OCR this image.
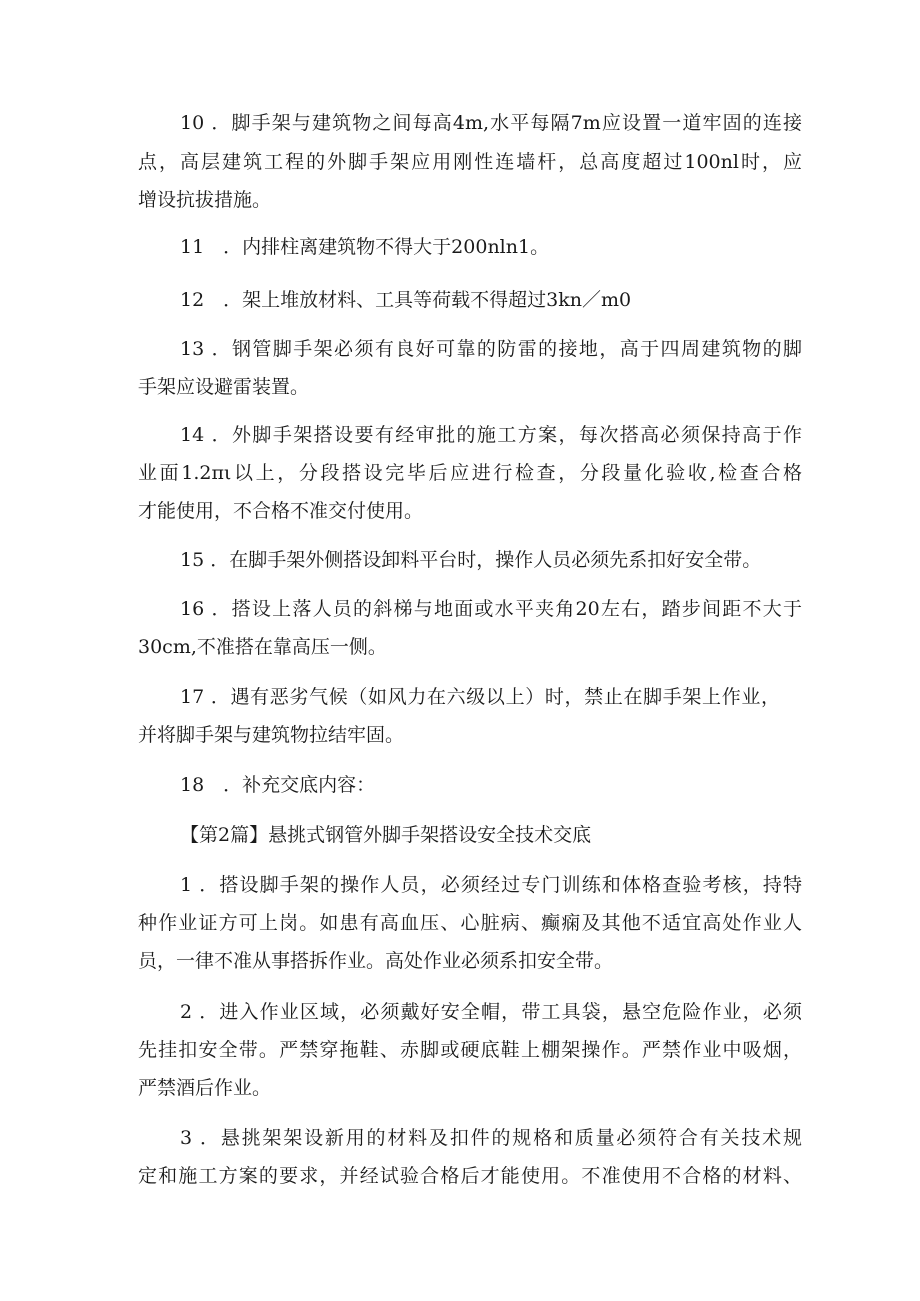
10 ．脚手架与建筑物之间每高4m,水平每隔7m应设置一道牢固的连接
点，高层建筑工程的外脚手架应用刚性连墙杆，总高度超过100nl时，应
增设抗拔措施。
11　．内排柱离建筑物不得大于200nln1。
12　．架上堆放材料、工具等荷载不得超过3kn／m0
13 ．钢管脚手架必须有良好可靠的防雷的接地，高于四周建筑物的脚
手架应设避雷装置。
14 ．外脚手架搭设要有经审批的施工方案，每次搭高必须保持高于作
业面1.2πι以上，分段搭设完毕后应进行检查，分段量化验收,检查合格
才能使用，不合格不准交付使用。
15 ．在脚手架外侧搭设卸料平台时，操作人员必须先系扣好安全带。
16 ．搭设上落人员的斜梯与地面或水平夹角20左右，踏步间距不大于
30cm,不准搭在靠高压一侧。
17 ．遇有恶劣气候（如风力在六级以上）时，禁止在脚手架上作业，
并将脚手架与建筑物拉结牢固。
18　．补充交底内容：
【第2篇】悬挑式钢管外脚手架搭设安全技术交底
1 ．搭设脚手架的操作人员，必须经过专门训练和体格查验考核，持特
种作业证方可上岗。如患有高血压、心脏病、癫痫及其他不适宜高处作业人
员，一律不准从事搭拆作业。高处作业必须系扣安全带。
2 ．进入作业区域，必须戴好安全帽，带工具袋，悬空危险作业，必须
先挂扣安全带。严禁穿拖鞋、赤脚或硬底鞋上棚架操作。严禁作业中吸烟，
严禁酒后作业。
3 ．悬挑架架设新用的材料及扣件的规格和质量必须符合有关技术规
定和施工方案的要求，并经试验合格后才能使用。不准使用不合格的材料、
